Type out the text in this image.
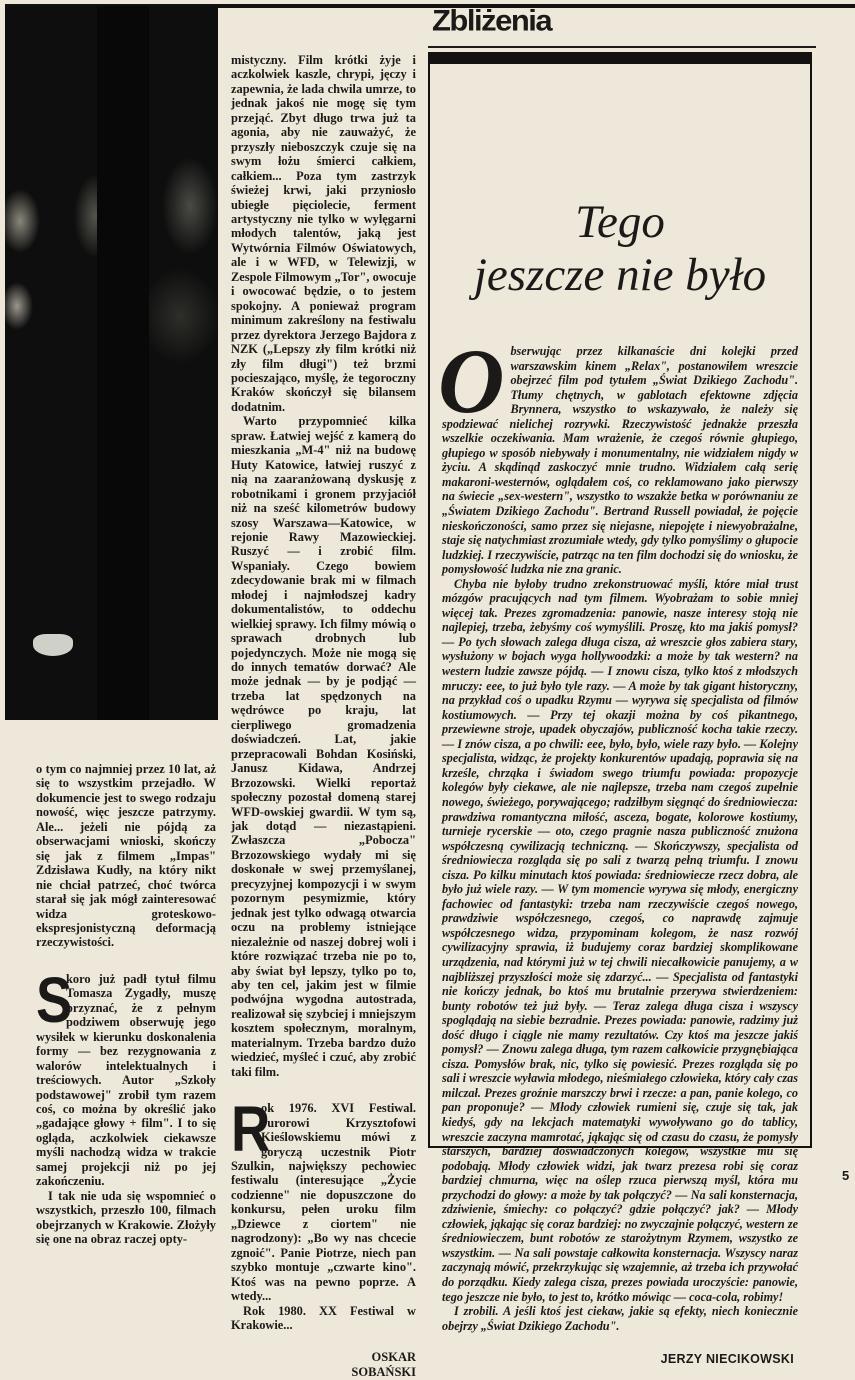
Zbliżenia

mistyczny. Film krótki żyje i aczkolwiek kaszle, chrypi, jęczy i zapewnia, że lada chwila umrze, to jednak jakoś nie mogę się tym przejąć. Zbyt długo trwa już ta agonia, aby nie zauważyć, że przyszły nieboszczyk czuje się na swym łożu śmierci całkiem, całkiem... Poza tym zastrzyk świeżej krwi, jaki przyniosło ubiegłe pięciolecie, ferment artystyczny nie tylko w wylęgarni młodych talentów, jaką jest Wytwórnia Filmów Oświatowych, ale i w WFD, w Telewizji, w Zespole Filmowym „Tor", owocuje i owocować będzie, o to jestem spokojny. A ponieważ program minimum zakreślony na festiwalu przez dyrektora Jerzego Bajdora z NZK („Lepszy zły film krótki niż zły film długi") też brzmi pocieszająco, myślę, że tegoroczny Kraków skończył się bilansem dodatnim.

Warto przypomnieć kilka spraw. Łatwiej wejść z kamerą do mieszkania „M-4" niż na budowę Huty Katowice, łatwiej ruszyć z nią na zaaranżowaną dyskusję z robotnikami i gronem przyjaciół niż na sześć kilometrów budowy szosy Warszawa—Katowice, w rejonie Rawy Mazowieckiej. Ruszyć — i zrobić film. Wspaniały. Czego bowiem zdecydowanie brak mi w filmach młodej i najmłodszej kadry dokumentalistów, to oddechu wielkiej sprawy. Ich filmy mówią o sprawach drobnych lub pojedynczych. Może nie mogą się do innych tematów dorwać? Ale może jednak — by je podjąć — trzeba lat spędzonych na wędrówce po kraju, lat cierpliwego gromadzenia doświadczeń. Lat, jakie przepracowali Bohdan Kosiński, Janusz Kidawa, Andrzej Brzozowski. Wielki reportaż społeczny pozostał domeną starej WFD-owskiej gwardii. W tym są, jak dotąd — niezastąpieni. Zwłaszcza „Pobocza" Brzozowskiego wydały mi się doskonałe w swej przemyślanej, precyzyjnej kompozycji i w swym pozornym pesymizmie, który jednak jest tylko odwagą otwarcia oczu na problemy istniejące niezależnie od naszej dobrej woli i które rozwiązać trzeba nie po to, aby świat był lepszy, tylko po to, aby ten cel, jakim jest w filmie podwójna wygodna autostrada, realizował się szybciej i mniejszym kosztem społecznym, moralnym, materialnym. Trzeba bardzo dużo wiedzieć, myśleć i czuć, aby zrobić taki film.

R
ok 1976. XVI Festiwal. Jurorowi Krzysztofowi Kieślowskiemu mówi z goryczą uczestnik Piotr Szulkin, największy pechowiec festiwalu (interesujące „Życie codzienne" nie dopuszczone do konkursu, pełen uroku film „Dziewce z ciortem" nie nagrodzony): „Bo wy nas chcecie zgnoić". Panie Piotrze, niech pan szybko montuje „czwarte kino". Ktoś was na pewno poprze. A wtedy...

Rok 1980. XX Festiwal w Krakowie...

OSKAR
SOBAŃSKI

o tym co najmniej przez 10 lat, aż się to wszystkim przejadło. W dokumencie jest to swego rodzaju nowość, więc jeszcze patrzymy. Ale... jeżeli nie pójdą za obserwacjami wnioski, skończy się jak z filmem „Impas" Zdzisława Kudły, na który nikt nie chciał patrzeć, choć twórca starał się jak mógł zainteresować widza groteskowo-ekspresjonistyczną deformacją rzeczywistości.

S
koro już padł tytuł filmu Tomasza Zygadły, muszę przyznać, że z pełnym podziwem obserwuję jego wysiłek w kierunku doskonalenia formy — bez rezygnowania z walorów intelektualnych i treściowych. Autor „Szkoły podstawowej" zrobił tym razem coś, co można by określić jako „gadające głowy + film". I to się ogląda, aczkolwiek ciekawsze myśli nachodzą widza w trakcie samej projekcji niż po jej zakończeniu.

I tak nie uda się wspomnieć o wszystkich, przeszło 100, filmach obejrzanych w Krakowie. Złożyły się one na obraz raczej opty-

Tego
jeszcze nie było

Obserwując przez kilkanaście dni kolejki przed warszawskim kinem „Relax", postanowiłem wreszcie obejrzeć film pod tytułem „Świat Dzikiego Zachodu". Tłumy chętnych, w gablotach efektowne zdjęcia Brynnera, wszystko to wskazywało, że należy się spodziewać nielichej rozrywki. Rzeczywistość jednakże przeszła wszelkie oczekiwania. Mam wrażenie, że czegoś równie głupiego, głupiego w sposób niebywały i monumentalny, nie widziałem nigdy w życiu. A skądinąd zaskoczyć mnie trudno. Widziałem całą serię makaroni-westernów, oglądałem coś, co reklamowano jako pierwszy na świecie „sex-western", wszystko to wszakże betka w porównaniu ze „Światem Dzikiego Zachodu". Bertrand Russell powiadał, że pojęcie nieskończoności, samo przez się niejasne, niepojęte i niewyobrażalne, staje się natychmiast zrozumiałe wtedy, gdy tylko pomyślimy o głupocie ludzkiej. I rzeczywiście, patrząc na ten film dochodzi się do wniosku, że pomysłowość ludzka nie zna granic.

Chyba nie byłoby trudno zrekonstruować myśli, które miał trust mózgów pracujących nad tym filmem. Wyobrażam to sobie mniej więcej tak. Prezes zgromadzenia: panowie, nasze interesy stoją nie najlepiej, trzeba, żebyśmy coś wymyślili. Proszę, kto ma jakiś pomysł? — Po tych słowach zalega długa cisza, aż wreszcie głos zabiera stary, wysłużony w bojach wyga hollywoodzki: a może by tak western? na western ludzie zawsze pójdą. — I znowu cisza, tylko ktoś z młodszych mruczy: eee, to już było tyle razy. — A może by tak gigant historyczny, na przykład coś o upadku Rzymu — wyrywa się specjalista od filmów kostiumowych. — Przy tej okazji można by coś pikantnego, przewiewne stroje, upadek obyczajów, publiczność kocha takie rzeczy. — I znów cisza, a po chwili: eee, było, było, wiele razy było. — Kolejny specjalista, widząc, że projekty konkurentów upadają, poprawia się na krześle, chrząka i świadom swego triumfu powiada: propozycje kolegów były ciekawe, ale nie najlepsze, trzeba nam czegoś zupełnie nowego, świeżego, porywającego; radziłbym sięgnąć do średniowiecza: prawdziwa romantyczna miłość, asceza, bogate, kolorowe kostiumy, turnieje rycerskie — oto, czego pragnie nasza publiczność znużona współczesną cywilizacją techniczną. — Skończywszy, specjalista od średniowiecza rozgląda się po sali z twarzą pełną triumfu. I znowu cisza. Po kilku minutach ktoś powiada: średniowiecze rzecz dobra, ale było już wiele razy. — W tym momencie wyrywa się młody, energiczny fachowiec od fantastyki: trzeba nam rzeczywiście czegoś nowego, prawdziwie współczesnego, czegoś, co naprawdę zajmuje współczesnego widza, przypominam kolegom, że nasz rozwój cywilizacyjny sprawia, iż budujemy coraz bardziej skomplikowane urządzenia, nad którymi już w tej chwili niecałkowicie panujemy, a w najbliższej przyszłości może się zdarzyć... — Specjalista od fantastyki nie kończy jednak, bo ktoś mu brutalnie przerywa stwierdzeniem: bunty robotów też już były. — Teraz zalega długa cisza i wszyscy spoglądają na siebie bezradnie. Prezes powiada: panowie, radzimy już dość długo i ciągle nie mamy rezultatów. Czy ktoś ma jeszcze jakiś pomysł? — Znowu zalega długa, tym razem całkowicie przygnębiająca cisza. Pomysłów brak, nic, tylko się powiesić. Prezes rozgląda się po sali i wreszcie wyławia młodego, nieśmiałego człowieka, który cały czas milczał. Prezes groźnie marszczy brwi i rzecze: a pan, panie kolego, co pan proponuje? — Młody człowiek rumieni się, czuje się tak, jak kiedyś, gdy na lekcjach matematyki wywoływano go do tablicy, wreszcie zaczyna mamrotać, jąkając się od czasu do czasu, że pomysły starszych, bardziej doświadczonych kolegów, wszystkie mu się podobają. Młody człowiek widzi, jak twarz prezesa robi się coraz bardziej chmurna, więc na oślep rzuca pierwszą myśl, która mu przychodzi do głowy: a może by tak połączyć? — Na sali konsternacja, zdziwienie, śmiechy: co połączyć? gdzie połączyć? jak? — Młody człowiek, jąkając się coraz bardziej: no zwyczajnie połączyć, western ze średniowieczem, bunt robotów ze starożytnym Rzymem, wszystko ze wszystkim. — Na sali powstaje całkowita konsternacja. Wszyscy naraz zaczynają mówić, przekrzykując się wzajemnie, aż trzeba ich przywołać do porządku. Kiedy zalega cisza, prezes powiada uroczyście: panowie, tego jeszcze nie było, to jest to, krótko mówiąc — coca-cola, robimy!

I zrobili. A jeśli ktoś jest ciekaw, jakie są efekty, niech koniecznie obejrzy „Świat Dzikiego Zachodu".

JERZY NIECIKOWSKI
5
